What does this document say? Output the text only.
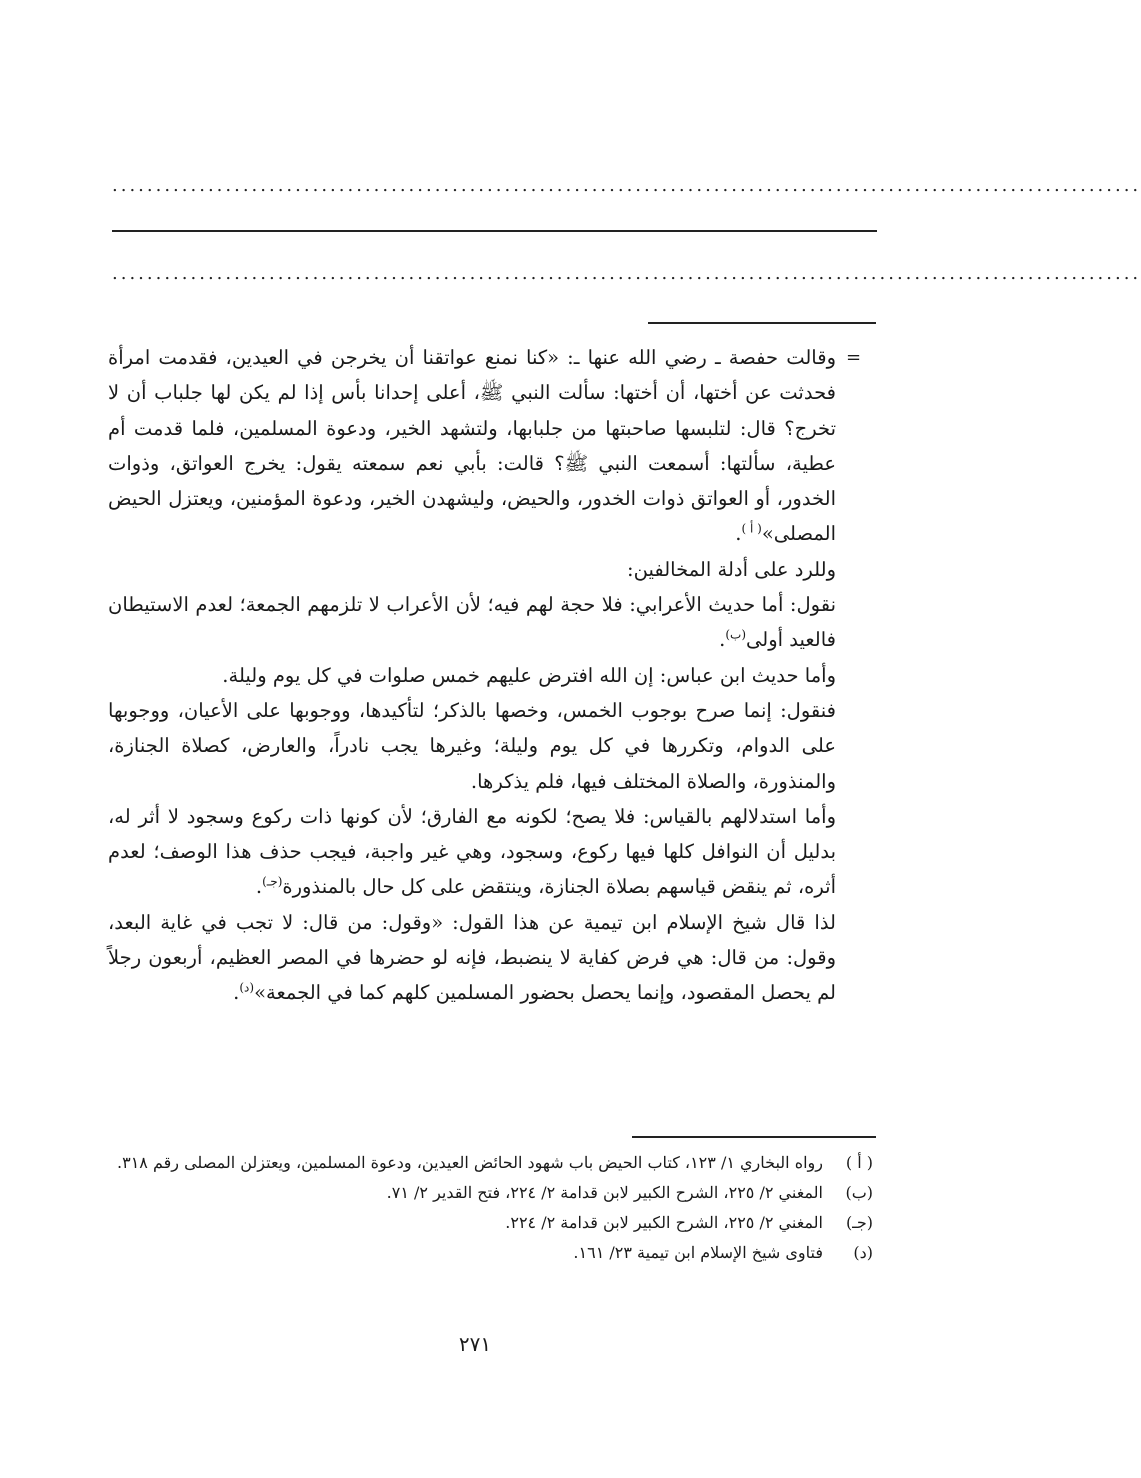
......................................................................................................................
......................................................................................................................
=

وقالت حفصة ـ رضي الله عنها ـ: «كنا نمنع عواتقنا أن يخرجن في العيدين، فقدمت امرأة فحدثت عن أختها، أن أختها: سألت النبي ﷺ، أعلى إحدانا بأس إذا لم يكن لها جلباب أن لا تخرج؟ قال: لتلبسها صاحبتها من جلبابها، ولتشهد الخير، ودعوة المسلمين، فلما قدمت أم عطية، سألتها: أسمعت النبي ﷺ؟ قالت: بأبي نعم سمعته يقول: يخرج العواتق، وذوات الخدور، أو العواتق ذوات الخدور، والحيض، وليشهدن الخير، ودعوة المؤمنين، ويعتزل الحيض المصلى»$^{( أ )}$.

وللرد على أدلة المخالفين:

نقول: أما حديث الأعرابي: فلا حجة لهم فيه؛ لأن الأعراب لا تلزمهم الجمعة؛ لعدم الاستيطان فالعيد أولى$^{(ب)}$.

وأما حديث ابن عباس: إن الله افترض عليهم خمس صلوات في كل يوم وليلة.

فنقول: إنما صرح بوجوب الخمس، وخصها بالذكر؛ لتأكيدها، ووجوبها على الأعيان، ووجوبها على الدوام، وتكررها في كل يوم وليلة؛ وغيرها يجب نادراً، والعارض، كصلاة الجنازة، والمنذورة، والصلاة المختلف فيها، فلم يذكرها.

وأما استدلالهم بالقياس: فلا يصح؛ لكونه مع الفارق؛ لأن كونها ذات ركوع وسجود لا أثر له، بدليل أن النوافل كلها فيها ركوع، وسجود، وهي غير واجبة، فيجب حذف هذا الوصف؛ لعدم أثره، ثم ينقض قياسهم بصلاة الجنازة، وينتقض على كل حال بالمنذورة$^{(جـ)}$.

لذا قال شيخ الإسلام ابن تيمية عن هذا القول: «وقول: من قال: لا تجب في غاية البعد، وقول: من قال: هي فرض كفاية لا ينضبط، فإنه لو حضرها في المصر العظيم، أربعون رجلاً لم يحصل المقصود، وإنما يحصل بحضور المسلمين كلهم كما في الجمعة»$^{(د)}$.

( أ )
رواه البخاري ١/ ١٢٣، كتاب الحيض باب شهود الحائض العيدين، ودعوة المسلمين، ويعتزلن المصلى رقم ٣١٨.
(ب)
المغني ٢/ ٢٢٥، الشرح الكبير لابن قدامة ٢/ ٢٢٤، فتح القدير ٢/ ٧١.
(جـ)
المغني ٢/ ٢٢٥، الشرح الكبير لابن قدامة ٢/ ٢٢٤.
(د)
فتاوى شيخ الإسلام ابن تيمية ٢٣/ ١٦١.
٢٧١
